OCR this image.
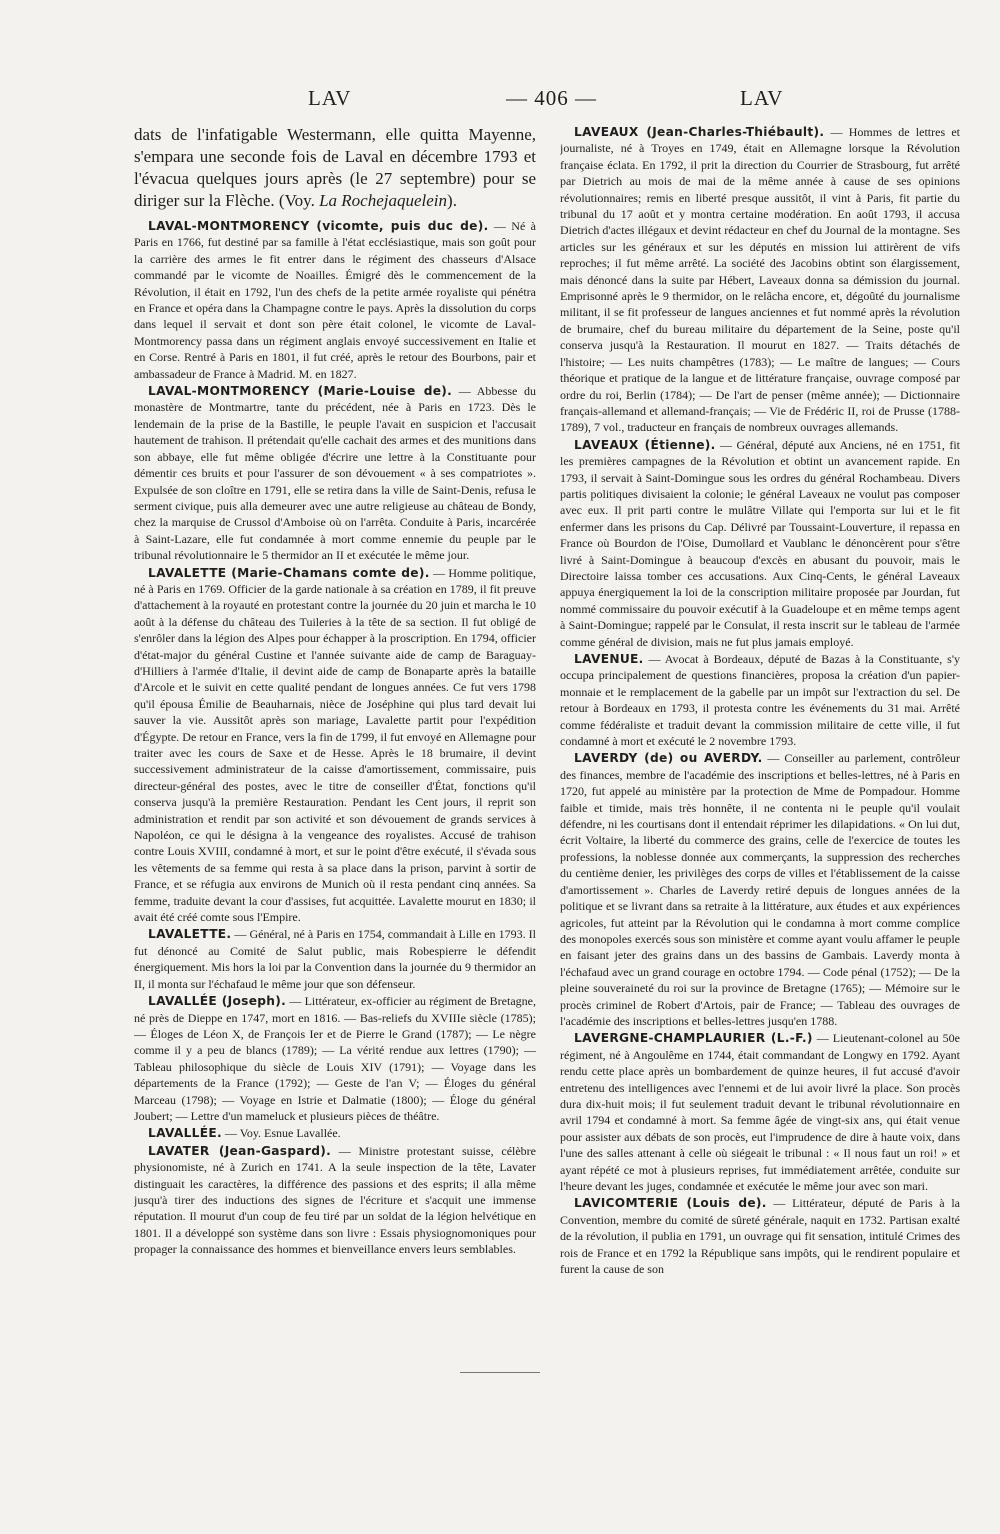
LAV	— 406 —	LAV

dats de l'infatigable Westermann, elle quitta Mayenne, s'empara une seconde fois de Laval en décembre 1793 et l'évacua quelques jours après (le 27 septembre) pour se diriger sur la Flèche. (Voy. La Rochejaquelein).

LAVAL-MONTMORENCY (vicomte, puis duc de). — Né à Paris en 1766, fut destiné par sa famille à l'état ecclésiastique, mais son goût pour la carrière des armes le fit entrer dans le régiment des chasseurs d'Alsace commandé par le vicomte de Noailles. Émigré dès le commencement de la Révolution, il était en 1792, l'un des chefs de la petite armée royaliste qui pénétra en France et opéra dans la Champagne contre le pays. Après la dissolution du corps dans lequel il servait et dont son père était colonel, le vicomte de Laval-Montmorency passa dans un régiment anglais envoyé successivement en Italie et en Corse. Rentré à Paris en 1801, il fut créé, après le retour des Bourbons, pair et ambassadeur de France à Madrid. M. en 1827.

LAVAL-MONTMORENCY (Marie-Louise de). — Abbesse du monastère de Montmartre, tante du précédent, née à Paris en 1723. Dès le lendemain de la prise de la Bastille, le peuple l'avait en suspicion et l'accusait hautement de trahison. Il prétendait qu'elle cachait des armes et des munitions dans son abbaye, elle fut même obligée d'écrire une lettre à la Constituante pour démentir ces bruits et pour l'assurer de son dévouement « à ses compatriotes ». Expulsée de son cloître en 1791, elle se retira dans la ville de Saint-Denis, refusa le serment civique, puis alla demeurer avec une autre religieuse au château de Bondy, chez la marquise de Crussol d'Amboise où on l'arrêta. Conduite à Paris, incarcérée à Saint-Lazare, elle fut condamnée à mort comme ennemie du peuple par le tribunal révolutionnaire le 5 thermidor an II et exécutée le même jour.

LAVALETTE (Marie-Chamans comte de). — Homme politique, né à Paris en 1769. Officier de la garde nationale à sa création en 1789, il fit preuve d'attachement à la royauté en protestant contre la journée du 20 juin et marcha le 10 août à la défense du château des Tuileries à la tête de sa section. Il fut obligé de s'enrôler dans la légion des Alpes pour échapper à la proscription. En 1794, officier d'état-major du général Custine et l'année suivante aide de camp de Baraguay-d'Hilliers à l'armée d'Italie, il devint aide de camp de Bonaparte après la bataille d'Arcole et le suivit en cette qualité pendant de longues années. Ce fut vers 1798 qu'il épousa Émilie de Beauharnais, nièce de Joséphine qui plus tard devait lui sauver la vie. Aussitôt après son mariage, Lavalette partit pour l'expédition d'Égypte. De retour en France, vers la fin de 1799, il fut envoyé en Allemagne pour traiter avec les cours de Saxe et de Hesse. Après le 18 brumaire, il devint successivement administrateur de la caisse d'amortissement, commissaire, puis directeur-général des postes, avec le titre de conseiller d'État, fonctions qu'il conserva jusqu'à la première Restauration. Pendant les Cent jours, il reprit son administration et rendit par son activité et son dévouement de grands services à Napoléon, ce qui le désigna à la vengeance des royalistes. Accusé de trahison contre Louis XVIII, condamné à mort, et sur le point d'être exécuté, il s'évada sous les vêtements de sa femme qui resta à sa place dans la prison, parvint à sortir de France, et se réfugia aux environs de Munich où il resta pendant cinq années. Sa femme, traduite devant la cour d'assises, fut acquittée. Lavalette mourut en 1830; il avait été créé comte sous l'Empire.

LAVALETTE. — Général, né à Paris en 1754, commandait à Lille en 1793. Il fut dénoncé au Comité de Salut public, mais Robespierre le défendit énergiquement. Mis hors la loi par la Convention dans la journée du 9 thermidor an II, il monta sur l'échafaud le même jour que son défenseur.

LAVALLÉE (Joseph). — Littérateur, ex-officier au régiment de Bretagne, né près de Dieppe en 1747, mort en 1816. — Bas-reliefs du XVIIIe siècle (1785); — Éloges de Léon X, de François Ier et de Pierre le Grand (1787); — Le nègre comme il y a peu de blancs (1789); — La vérité rendue aux lettres (1790); — Tableau philosophique du siècle de Louis XIV (1791); — Voyage dans les départements de la France (1792); — Geste de l'an V; — Éloges du général Marceau (1798); — Voyage en Istrie et Dalmatie (1800); — Éloge du général Joubert; — Lettre d'un mameluck et plusieurs pièces de théâtre.

LAVALLÉE. — Voy. Esnue Lavallée.

LAVATER (Jean-Gaspard). — Ministre protestant suisse, célèbre physionomiste, né à Zurich en 1741. A la seule inspection de la tête, Lavater distinguait les caractères, la différence des passions et des esprits; il alla même jusqu'à tirer des inductions des signes de l'écriture et s'acquit une immense réputation. Il mourut d'un coup de feu tiré par un soldat de la légion helvétique en 1801. Il a développé son système dans son livre : Essais physiognomoniques pour propager la connaissance des hommes et bienveillance envers leurs semblables.

LAVEAUX (Jean-Charles-Thiébault). — Hommes de lettres et journaliste, né à Troyes en 1749, était en Allemagne lorsque la Révolution française éclata. En 1792, il prit la direction du Courrier de Strasbourg, fut arrêté par Dietrich au mois de mai de la même année à cause de ses opinions révolutionnaires; remis en liberté presque aussitôt, il vint à Paris, fit partie du tribunal du 17 août et y montra certaine modération. En août 1793, il accusa Dietrich d'actes illégaux et devint rédacteur en chef du Journal de la montagne. Ses articles sur les généraux et sur les députés en mission lui attirèrent de vifs reproches; il fut même arrêté. La société des Jacobins obtint son élargissement, mais dénoncé dans la suite par Hébert, Laveaux donna sa démission du journal. Emprisonné après le 9 thermidor, on le relâcha encore, et, dégoûté du journalisme militant, il se fit professeur de langues anciennes et fut nommé après la révolution de brumaire, chef du bureau militaire du département de la Seine, poste qu'il conserva jusqu'à la Restauration. Il mourut en 1827. — Traits détachés de l'histoire; — Les nuits champêtres (1783); — Le maître de langues; — Cours théorique et pratique de la langue et de littérature française, ouvrage composé par ordre du roi, Berlin (1784); — De l'art de penser (même année); — Dictionnaire français-allemand et allemand-français; — Vie de Frédéric II, roi de Prusse (1788-1789), 7 vol., traducteur en français de nombreux ouvrages allemands.

LAVEAUX (Étienne). — Général, député aux Anciens, né en 1751, fit les premières campagnes de la Révolution et obtint un avancement rapide. En 1793, il servait à Saint-Domingue sous les ordres du général Rochambeau. Divers partis politiques divisaient la colonie; le général Laveaux ne voulut pas composer avec eux. Il prit parti contre le mulâtre Villate qui l'emporta sur lui et le fit enfermer dans les prisons du Cap. Délivré par Toussaint-Louverture, il repassa en France où Bourdon de l'Oise, Dumollard et Vaublanc le dénoncèrent pour s'être livré à Saint-Domingue à beaucoup d'excès en abusant du pouvoir, mais le Directoire laissa tomber ces accusations. Aux Cinq-Cents, le général Laveaux appuya énergiquement la loi de la conscription militaire proposée par Jourdan, fut nommé commissaire du pouvoir exécutif à la Guadeloupe et en même temps agent à Saint-Domingue; rappelé par le Consulat, il resta inscrit sur le tableau de l'armée comme général de division, mais ne fut plus jamais employé.

LAVENUE. — Avocat à Bordeaux, député de Bazas à la Constituante, s'y occupa principalement de questions financières, proposa la création d'un papier-monnaie et le remplacement de la gabelle par un impôt sur l'extraction du sel. De retour à Bordeaux en 1793, il protesta contre les événements du 31 mai. Arrêté comme fédéraliste et traduit devant la commission militaire de cette ville, il fut condamné à mort et exécuté le 2 novembre 1793.

LAVERDY (de) ou AVERDY. — Conseiller au parlement, contrôleur des finances, membre de l'académie des inscriptions et belles-lettres, né à Paris en 1720, fut appelé au ministère par la protection de Mme de Pompadour. Homme faible et timide, mais très honnête, il ne contenta ni le peuple qu'il voulait défendre, ni les courtisans dont il entendait réprimer les dilapidations. « On lui dut, écrit Voltaire, la liberté du commerce des grains, celle de l'exercice de toutes les professions, la noblesse donnée aux commerçants, la suppression des recherches du centième denier, les privilèges des corps de villes et l'établissement de la caisse d'amortissement ». Charles de Laverdy retiré depuis de longues années de la politique et se livrant dans sa retraite à la littérature, aux études et aux expériences agricoles, fut atteint par la Révolution qui le condamna à mort comme complice des monopoles exercés sous son ministère et comme ayant voulu affamer le peuple en faisant jeter des grains dans un des bassins de Gambais. Laverdy monta à l'échafaud avec un grand courage en octobre 1794. — Code pénal (1752); — De la pleine souveraineté du roi sur la province de Bretagne (1765); — Mémoire sur le procès criminel de Robert d'Artois, pair de France; — Tableau des ouvrages de l'académie des inscriptions et belles-lettres jusqu'en 1788.

LAVERGNE-CHAMPLAURIER (L.-F.) — Lieutenant-colonel au 50e régiment, né à Angoulême en 1744, était commandant de Longwy en 1792. Ayant rendu cette place après un bombardement de quinze heures, il fut accusé d'avoir entretenu des intelligences avec l'ennemi et de lui avoir livré la place. Son procès dura dix-huit mois; il fut seulement traduit devant le tribunal révolutionnaire en avril 1794 et condamné à mort. Sa femme âgée de vingt-six ans, qui était venue pour assister aux débats de son procès, eut l'imprudence de dire à haute voix, dans l'une des salles attenant à celle où siégeait le tribunal : « Il nous faut un roi! » et ayant répété ce mot à plusieurs reprises, fut immédiatement arrêtée, conduite sur l'heure devant les juges, condamnée et exécutée le même jour avec son mari.

LAVICOMTERIE (Louis de). — Littérateur, député de Paris à la Convention, membre du comité de sûreté générale, naquit en 1732. Partisan exalté de la révolution, il publia en 1791, un ouvrage qui fit sensation, intitulé Crimes des rois de France et en 1792 la République sans impôts, qui le rendirent populaire et furent la cause de son
